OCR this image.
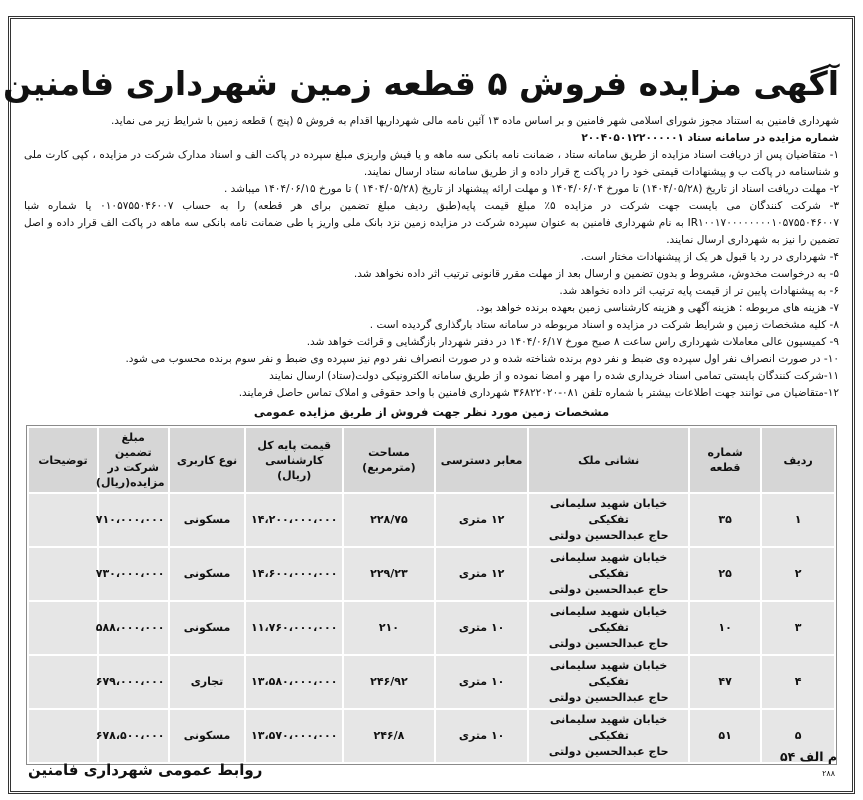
آگهی مزایده فروش ۵ قطعه زمین شهرداری فامنین

شهرداری فامنین به استناد مجوز شورای اسلامی شهر فامنین و بر اساس ماده ۱۳ آئین نامه مالی شهرداریها اقدام به فروش ۵ (پنج ) قطعه زمین با شرایط زیر می نماید.

شماره مزایده در سامانه ستاد ۲۰۰۴۰۵۰۱۲۲۰۰۰۰۰۱

۱- متقاضیان پس از دریافت اسناد مزایده از طریق سامانه ستاد ، ضمانت نامه بانکی سه ماهه و یا فیش واریزی مبلغ سپرده در پاکت الف و اسناد مدارک شرکت در مزایده ، کپی کارت ملی و شناسنامه در پاکت ب و پیشنهادات قیمتی خود را در پاکت ج قرار داده و از طریق سامانه ستاد ارسال نمایند.

۲- مهلت دریافت اسناد از تاریخ (۱۴۰۴/۰۵/۲۸) تا مورخ ۱۴۰۴/۰۶/۰۴ و مهلت ارائه پیشنهاد از تاریخ (۱۴۰۴/۰۵/۲۸ ) تا مورخ ۱۴۰۴/۰۶/۱۵ میباشد .

۳- شرکت کنندگان می بایست جهت شرکت در مزایده ۵٪ مبلغ قیمت پایه(طبق ردیف مبلغ تضمین برای هر قطعه) را به حساب ۰۱۰۵۷۵۵۰۴۶۰۰۷ یا شماره شبا IR۱۰۰۱۷۰۰۰۰۰۰۰۰۱۰۵۷۵۵۰۴۶۰۰۷ به نام شهرداری فامنین به عنوان سپرده شرکت در مزایده زمین نزد بانک ملی واریز یا طی ضمانت نامه بانکی سه ماهه در پاکت الف قرار داده و اصل تضمین را نیز به شهرداری ارسال نمایند.

۴- شهرداری در رد یا قبول هر یک از پیشنهادات مختار است.

۵- به درخواست مخدوش، مشروط و بدون تضمین و ارسال بعد از مهلت مقرر قانونی ترتیب اثر داده نخواهد شد.

۶- به پیشنهادات پایین تر از قیمت پایه ترتیب اثر داده نخواهد شد.

۷- هزینه های مربوطه : هزینه آگهی و هزینه کارشناسی زمین بعهده برنده خواهد بود.

۸- کلیه مشخصات زمین و شرایط شرکت در مزایده و اسناد مربوطه در سامانه ستاد بارگذاری گردیده است .

۹- کمیسیون عالی معاملات شهرداری راس ساعت ۸ صبح مورخ ۱۴۰۴/۰۶/۱۷ در دفتر شهردار بازگشایی و قرائت خواهد شد.

۱۰- در صورت انصراف نفر اول سپرده وی ضبط و نفر دوم برنده شناخته شده و در صورت انصراف نفر دوم نیز سپرده وی ضبط و نفر سوم برنده محسوب می شود.

۱۱-شرکت کنندگان بایستی تمامی اسناد خریداری شده را مهر و امضا نموده و از طریق سامانه الکترونیکی دولت(ستاد) ارسال نمایند

۱۲-متقاضیان می توانند جهت اطلاعات بیشتر با شماره تلفن ۰۸۱-۳۶۸۲۲۰۲۰ شهرداری فامنین با واحد حقوقی و املاک تماس حاصل فرمایند.

مشخصات زمین مورد نظر جهت فروش از طریق مزایده عمومی
ردیف	شماره قطعه	نشانی ملک	معابر دسترسی	مساحت (مترمربع)	قیمت پایه کل کارشناسی (ریال)	نوع کاربری	مبلغ تضمین شرکت در مزایده(ریال)	توضیحات
۱	۳۵	خیابان شهید سلیمانی تفکیکی
حاج عبدالحسین دولتی	۱۲ متری	۲۲۸/۷۵	۱۴،۲۰۰،۰۰۰،۰۰۰	مسکونی	۷۱۰،۰۰۰،۰۰۰	
۲	۲۵	خیابان شهید سلیمانی تفکیکی
حاج عبدالحسین دولتی	۱۲ متری	۲۲۹/۲۳	۱۴،۶۰۰،۰۰۰،۰۰۰	مسکونی	۷۳۰،۰۰۰،۰۰۰	
۳	۱۰	خیابان شهید سلیمانی تفکیکی
حاج عبدالحسین دولتی	۱۰ متری	۲۱۰	۱۱،۷۶۰،۰۰۰،۰۰۰	مسکونی	۵۸۸،۰۰۰،۰۰۰	
۴	۴۷	خیابان شهید سلیمانی تفکیکی
حاج عبدالحسین دولتی	۱۰ متری	۲۴۶/۹۲	۱۳،۵۸۰،۰۰۰،۰۰۰	تجاری	۶۷۹،۰۰۰،۰۰۰	
۵	۵۱	خیابان شهید سلیمانی تفکیکی
حاج عبدالحسین دولتی	۱۰ متری	۲۴۶/۸	۱۳،۵۷۰،۰۰۰،۰۰۰	مسکونی	۶۷۸،۵۰۰،۰۰۰	
م الف ۵۴
۲۸۸
روابط عمومی شهرداری فامنین
